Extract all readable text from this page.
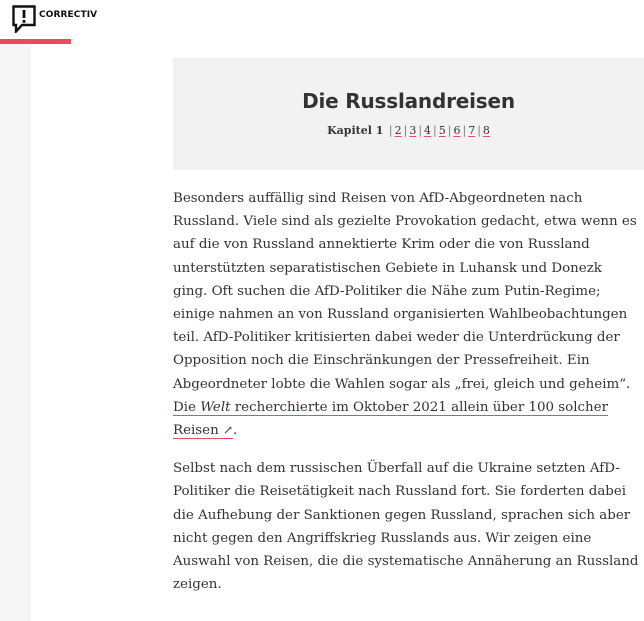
CORRECTIV
Die Russlandreisen
Kapitel 1 | 2 | 3 | 4 | 5 | 6 | 7 | 8

Besonders auffällig sind Reisen von AfD-Abgeordneten nach Russland. Viele sind als gezielte Provokation gedacht, etwa wenn es auf die von Russland annektierte Krim oder die von Russland unterstützten separatistischen Gebiete in Luhansk und Donezk ging. Oft suchen die AfD-Politiker die Nähe zum Putin-Regime; einige nahmen an von Russland organisierten Wahlbeobachtungen teil. AfD-Politiker kritisierten dabei weder die Unterdrückung der Opposition noch die Einschränkungen der Pressefreiheit. Ein Abgeordneter lobte die Wahlen sogar als „frei, gleich und geheim“. Die Welt recherchierte im Oktober 2021 allein über 100 solcher Reisen ↗.

Selbst nach dem russischen Überfall auf die Ukraine setzten AfD-Politiker die Reisetätigkeit nach Russland fort. Sie forderten dabei die Aufhebung der Sanktionen gegen Russland, sprachen sich aber nicht gegen den Angriffskrieg Russlands aus. Wir zeigen eine Auswahl von Reisen, die die systematische Annäherung an Russland zeigen.
